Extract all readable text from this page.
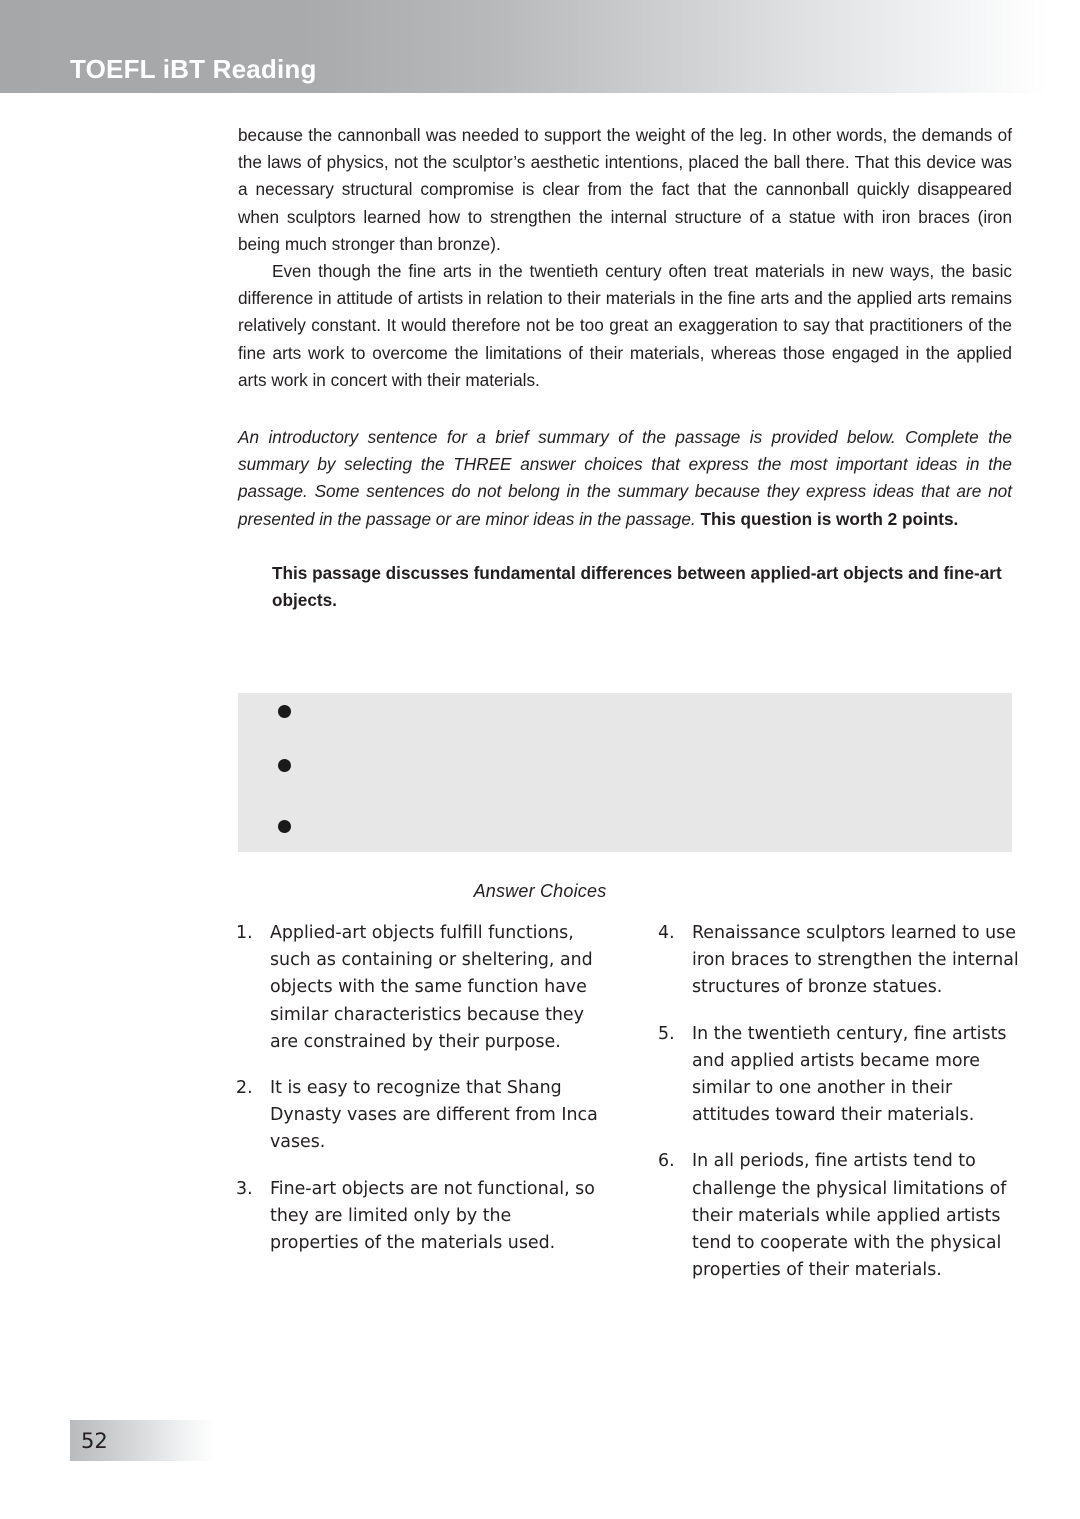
TOEFL iBT Reading

because the cannonball was needed to support the weight of the leg. In other words, the demands of the laws of physics, not the sculptor’s aesthetic intentions, placed the ball there. That this device was a necessary structural compromise is clear from the fact that the cannonball quickly disappeared when sculptors learned how to strengthen the internal structure of a statue with iron braces (iron being much stronger than bronze).

Even though the fine arts in the twentieth century often treat materials in new ways, the basic difference in attitude of artists in relation to their materials in the fine arts and the applied arts remains relatively constant. It would therefore not be too great an exaggeration to say that practitioners of the fine arts work to overcome the limitations of their materials, whereas those engaged in the applied arts work in concert with their materials.

An introductory sentence for a brief summary of the passage is provided below. Complete the summary by selecting the THREE answer choices that express the most important ideas in the passage. Some sentences do not belong in the summary because they express ideas that are not presented in the passage or are minor ideas in the passage. This question is worth 2 points.

This passage discusses fundamental differences between applied-art objects and fine-art objects.

Answer Choices
1.	Applied-art objects fulfill functions, such as containing or sheltering, and objects with the same function have similar characteristics because they are constrained by their purpose.
2.	It is easy to recognize that Shang Dynasty vases are different from Inca vases.
3.	Fine-art objects are not functional, so they are limited only by the properties of the materials used.
4.	Renaissance sculptors learned to use iron braces to strengthen the internal structures of bronze statues.
5.	In the twentieth century, fine artists and applied artists became more similar to one another in their attitudes toward their materials.
6.	In all periods, fine artists tend to challenge the physical limitations of their materials while applied artists tend to cooperate with the physical properties of their materials.
52
